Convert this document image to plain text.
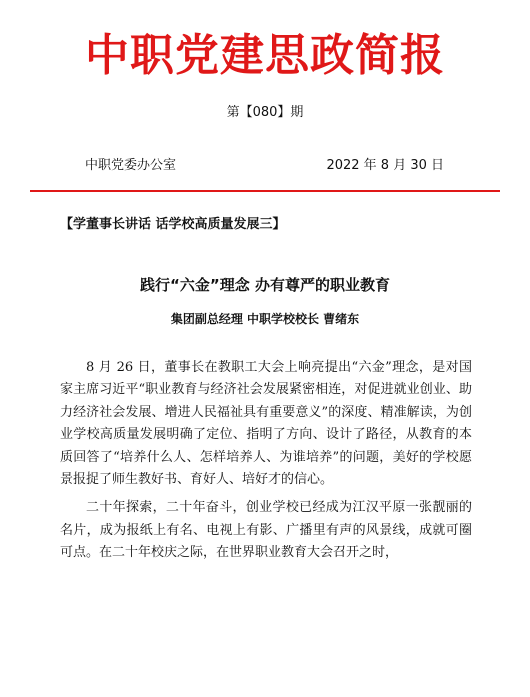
中职党建思政简报
第【080】期
中职党委办公室	2022 年 8 月 30 日
【学董事长讲话 话学校高质量发展三】
践行“六金”理念 办有尊严的职业教育
集团副总经理 中职学校校长 曹绪东

8 月 26 日，董事长在教职工大会上响亮提出“六金”理念，是对国家主席习近平“职业教育与经济社会发展紧密相连，对促进就业创业、助力经济社会发展、增进人民福祉具有重要意义”的深度、精准解读，为创业学校高质量发展明确了定位、指明了方向、设计了路径，从教育的本质回答了“培养什么人、怎样培养人、为谁培养”的问题，美好的学校愿景报捉了师生教好书、育好人、培好才的信心。

二十年探索，二十年奋斗，创业学校已经成为江汉平原一张靓丽的名片，成为报纸上有名、电视上有影、广播里有声的风景线，成就可圈可点。在二十年校庆之际，在世界职业教育大会召开之时，
